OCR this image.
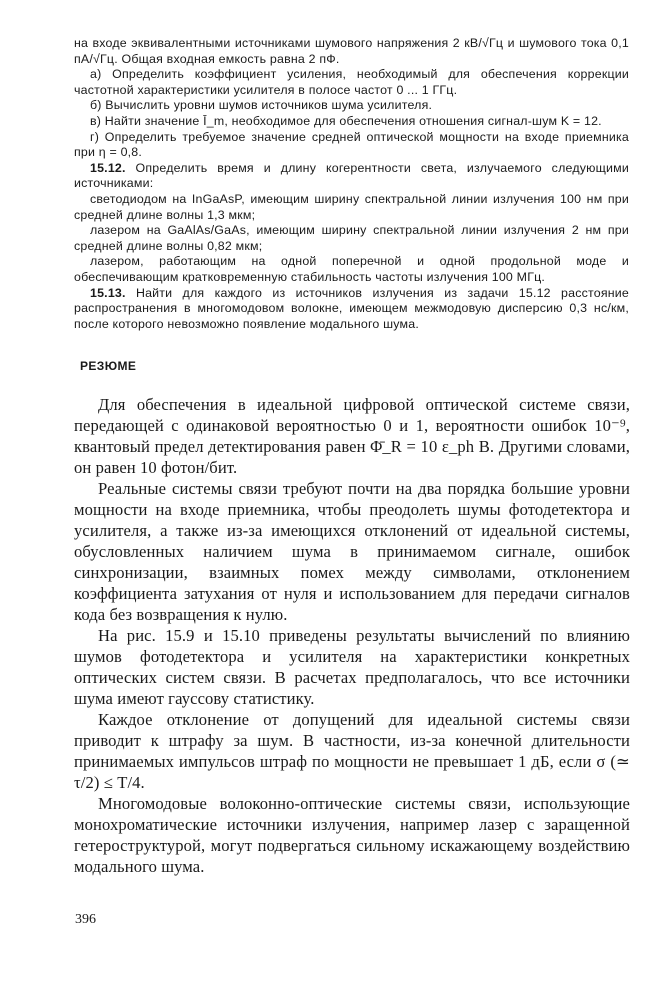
на входе эквивалентными источниками шумового напряжения 2 кВ/√Гц и шумового тока 0,1 пА/√Гц. Общая входная емкость равна 2 пФ.

а) Определить коэффициент усиления, необходимый для обеспечения коррекции частотной характеристики усилителя в полосе частот 0 ... 1 ГГц.

б) Вычислить уровни шумов источников шума усилителя.

в) Найти значение Ī_m, необходимое для обеспечения отношения сигнал-шум K = 12.

г) Определить требуемое значение средней оптической мощности на входе приемника при η = 0,8.

15.12. Определить время и длину когерентности света, излучаемого следующими источниками:

светодиодом на InGaAsP, имеющим ширину спектральной линии излучения 100 нм при средней длине волны 1,3 мкм;

лазером на GaAlAs/GaAs, имеющим ширину спектральной линии излучения 2 нм при средней длине волны 0,82 мкм;

лазером, работающим на одной поперечной и одной продольной моде и обеспечивающим кратковременную стабильность частоты излучения 100 МГц.

15.13. Найти для каждого из источников излучения из задачи 15.12 расстояние распространения в многомодовом волокне, имеющем межмодовую дисперсию 0,3 нс/км, после которого невозможно появление модального шума.

РЕЗЮМЕ

Для обеспечения в идеальной цифровой оптической системе связи, передающей с одинаковой вероятностью 0 и 1, вероятности ошибок 10⁻⁹, квантовый предел детектирования равен Φ̄_R = 10 ε_ph B. Другими словами, он равен 10 фотон/бит.

Реальные системы связи требуют почти на два порядка большие уровни мощности на входе приемника, чтобы преодолеть шумы фотодетектора и усилителя, а также из-за имеющихся отклонений от идеальной системы, обусловленных наличием шума в принимаемом сигнале, ошибок синхронизации, взаимных помех между символами, отклонением коэффициента затухания от нуля и использованием для передачи сигналов кода без возвращения к нулю.

На рис. 15.9 и 15.10 приведены результаты вычислений по влиянию шумов фотодетектора и усилителя на характеристики конкретных оптических систем связи. В расчетах предполагалось, что все источники шума имеют гауссову статистику.

Каждое отклонение от допущений для идеальной системы связи приводит к штрафу за шум. В частности, из-за конечной длительности принимаемых импульсов штраф по мощности не превышает 1 дБ, если σ (≃ τ/2) ≤ T/4.

Многомодовые волоконно-оптические системы связи, использующие монохроматические источники излучения, например лазер с заращенной гетероструктурой, могут подвергаться сильному искажающему воздействию модального шума.

396
